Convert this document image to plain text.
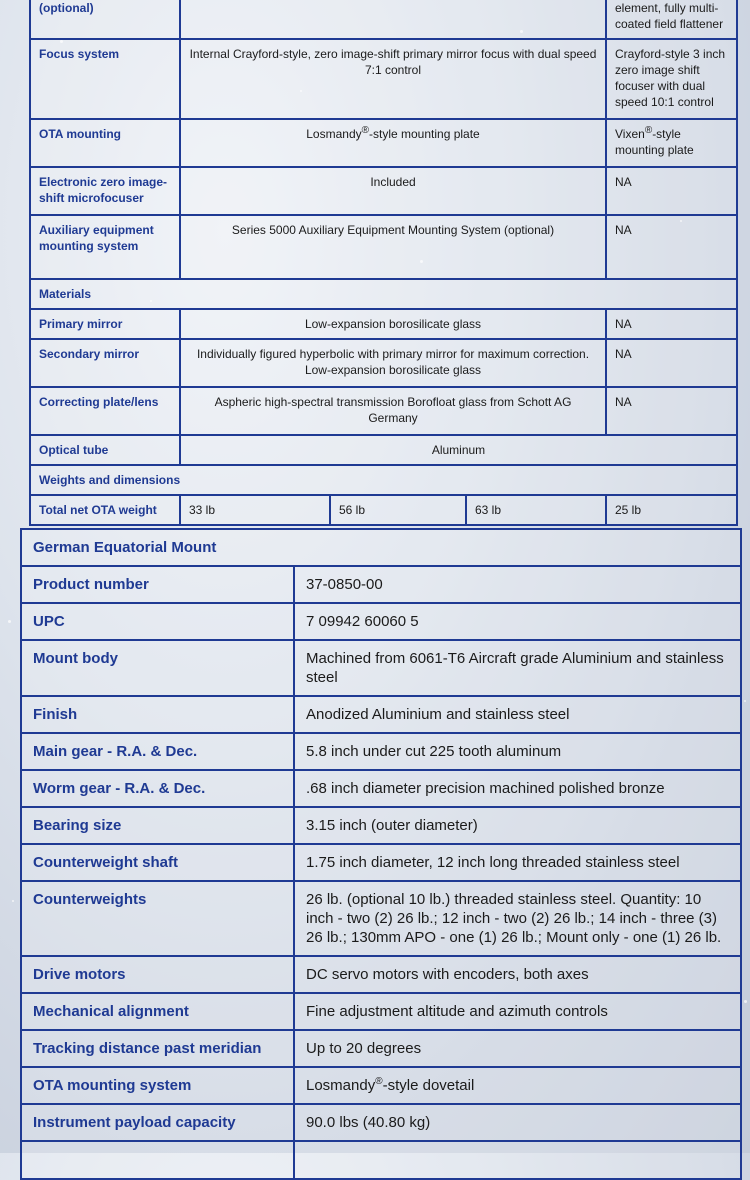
(optional)				element, fully multi-coated field flattener
Focus system	Internal Crayford-style, zero image-shift primary mirror focus with dual speed 7:1 control			Crayford-style 3 inch zero image shift focuser with dual speed 10:1 control
OTA mounting	Losmandy®-style mounting plate			Vixen®-style mounting plate
Electronic zero image-shift microfocuser	Included			NA
Auxiliary equipment mounting system	Series 5000 Auxiliary Equipment Mounting System (optional)			NA
Materials				
Primary mirror	Low-expansion borosilicate glass			NA
Secondary mirror	Individually figured hyperbolic with primary mirror for maximum correction. Low-expansion borosilicate glass			NA
Correcting plate/lens	Aspheric high-spectral transmission Borofloat glass from Schott AG Germany			NA
Optical tube	Aluminum			
Weights and dimensions				
Total net OTA weight	33 lb	56 lb	63 lb	25 lb
German Equatorial Mount	
Product number	37-0850-00
UPC	7 09942 60060 5
Mount body	Machined from 6061-T6 Aircraft grade Aluminium and stainless steel
Finish	Anodized Aluminium and stainless steel
Main gear - R.A. & Dec.	5.8 inch under cut 225 tooth aluminum
Worm gear - R.A. & Dec.	.68 inch diameter precision machined polished bronze
Bearing size	3.15 inch (outer diameter)
Counterweight shaft	1.75 inch diameter, 12 inch long threaded stainless steel
Counterweights	26 lb. (optional 10 lb.) threaded stainless steel. Quantity: 10 inch - two (2) 26 lb.; 12 inch - two (2) 26 lb.; 14 inch - three (3) 26 lb.; 130mm APO - one (1) 26 lb.; Mount only - one (1) 26 lb.
Drive motors	DC servo motors with encoders, both axes
Mechanical alignment	Fine adjustment altitude and azimuth controls
Tracking distance past meridian	Up to 20 degrees
OTA mounting system	Losmandy®-style dovetail
Instrument payload capacity	90.0 lbs (40.80 kg)
